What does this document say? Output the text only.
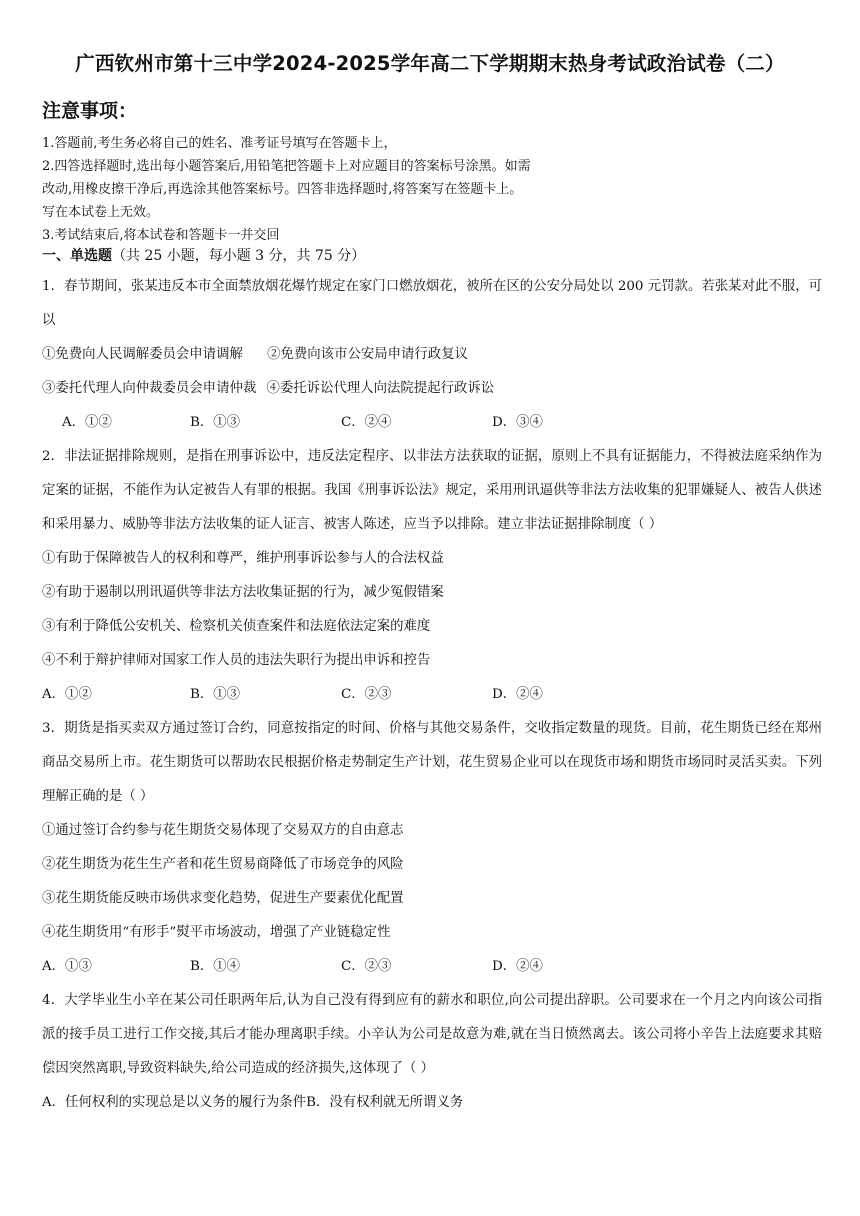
广西钦州市第十三中学2024-2025学年高二下学期期末热身考试政治试卷（二）
注意事项：
1.答题前,考生务必将自己的姓名、准考证号填写在答题卡上，
2.四答选择题时,选出每小题答案后,用铅笔把答题卡上对应题目的答案标号涂黑。如需
改动,用橡皮擦干净后,再选涂其他答案标号。四答非选择题时,将答案写在签题卡上。
写在本试卷上无效。
3.考试结束后,将本试卷和答题卡一并交回
一、单选题（共 25 小题，每小题 3 分，共 75 分）
1．春节期间，张某违反本市全面禁放烟花爆竹规定在家门口燃放烟花，被所在区的公安分局处以 200 元罚款。若张某对此不服，可以
①免费向人民调解委员会申请调解 ②免费向该市公安局申请行政复议
③委托代理人向仲裁委员会申请仲裁 ④委托诉讼代理人向法院提起行政诉讼
A．①②	B．①③	C．②④	D．③④
2．非法证据排除规则，是指在刑事诉讼中，违反法定程序、以非法方法获取的证据，原则上不具有证据能力，不得被法庭采纳作为定案的证据，不能作为认定被告人有罪的根据。我国《刑事诉讼法》规定，采用刑讯逼供等非法方法收集的犯罪嫌疑人、被告人供述和采用暴力、威胁等非法方法收集的证人证言、被害人陈述，应当予以排除。建立非法证据排除制度（ ）
①有助于保障被告人的权利和尊严，维护刑事诉讼参与人的合法权益
②有助于遏制以刑讯逼供等非法方法收集证据的行为，减少冤假错案
③有利于降低公安机关、检察机关侦查案件和法庭依法定案的难度
④不利于辩护律师对国家工作人员的违法失职行为提出申诉和控告
A．①②	B．①③	C．②③	D．②④
3．期货是指买卖双方通过签订合约，同意按指定的时间、价格与其他交易条件，交收指定数量的现货。目前，花生期货已经在郑州商品交易所上市。花生期货可以帮助农民根据价格走势制定生产计划，花生贸易企业可以在现货市场和期货市场同时灵活买卖。下列理解正确的是（ ）
①通过签订合约参与花生期货交易体现了交易双方的自由意志
②花生期货为花生生产者和花生贸易商降低了市场竞争的风险
③花生期货能反映市场供求变化趋势，促进生产要素优化配置
④花生期货用“有形手”熨平市场波动，增强了产业链稳定性
A．①③	B．①④	C．②③	D．②④
4．大学毕业生小辛在某公司任职两年后,认为自己没有得到应有的薪水和职位,向公司提出辞职。公司要求在一个月之内向该公司指派的接手员工进行工作交接,其后才能办理离职手续。小辛认为公司是故意为难,就在当日愤然离去。该公司将小辛告上法庭要求其赔偿因突然离职,导致资料缺失,给公司造成的经济损失,这体现了（ ）
A．任何权利的实现总是以义务的履行为条件B．没有权利就无所谓义务
